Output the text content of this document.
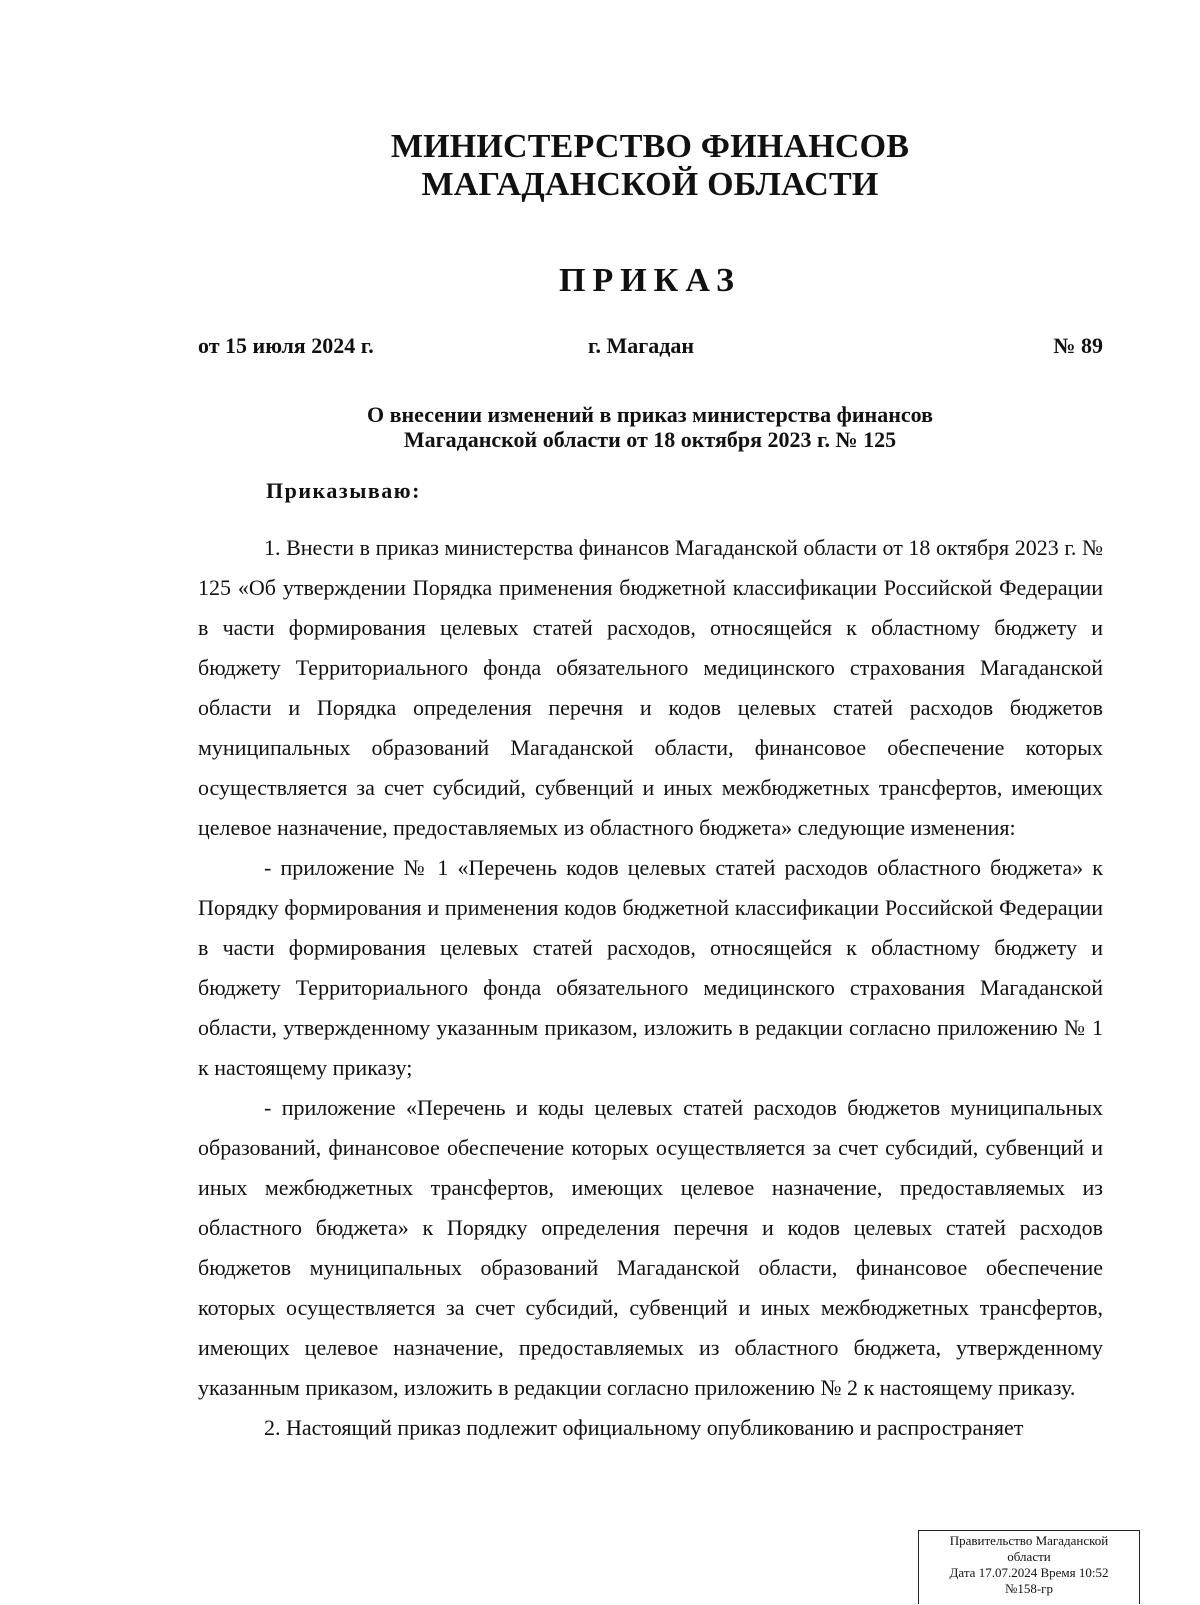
МИНИСТЕРСТВО ФИНАНСОВ
МАГАДАНСКОЙ ОБЛАСТИ
ПРИКАЗ
от 15 июля 2024 г.	г. Магадан	№ 89
О внесении изменений в приказ министерства финансов
Магаданской области от 18 октября 2023 г. № 125
Приказываю:

1. Внести в приказ министерства финансов Магаданской области от 18 октября 2023 г. № 125 «Об утверждении Порядка применения бюджетной классификации Российской Федерации в части формирования целевых статей расходов, относящейся к областному бюджету и бюджету Территориального фонда обязательного медицинского страхования Магаданской области и Порядка определения перечня и кодов целевых статей расходов бюджетов муниципальных образований Магаданской области, финансовое обеспечение которых осуществляется за счет субсидий, субвенций и иных межбюджетных трансфертов, имеющих целевое назначение, предоставляемых из областного бюджета» следующие изменения:

- приложение № 1 «Перечень кодов целевых статей расходов областного бюджета» к Порядку формирования и применения кодов бюджетной классификации Российской Федерации в части формирования целевых статей расходов, относящейся к областному бюджету и бюджету Территориального фонда обязательного медицинского страхования Магаданской области, утвержденному указанным приказом, изложить в редакции согласно приложению № 1 к настоящему приказу;

- приложение «Перечень и коды целевых статей расходов бюджетов муниципальных образований, финансовое обеспечение которых осуществляется за счет субсидий, субвенций и иных межбюджетных трансфертов, имеющих целевое назначение, предоставляемых из областного бюджета» к Порядку определения перечня и кодов целевых статей расходов бюджетов муниципальных образований Магаданской области, финансовое обеспечение которых осуществляется за счет субсидий, субвенций и иных межбюджетных трансфертов, имеющих целевое назначение, предоставляемых из областного бюджета, утвержденному указанным приказом, изложить в редакции согласно приложению № 2 к настоящему приказу.

2. Настоящий приказ подлежит официальному опубликованию и распространяет

Правительство Магаданской
области
Дата 17.07.2024 Время 10:52
№158-гр
